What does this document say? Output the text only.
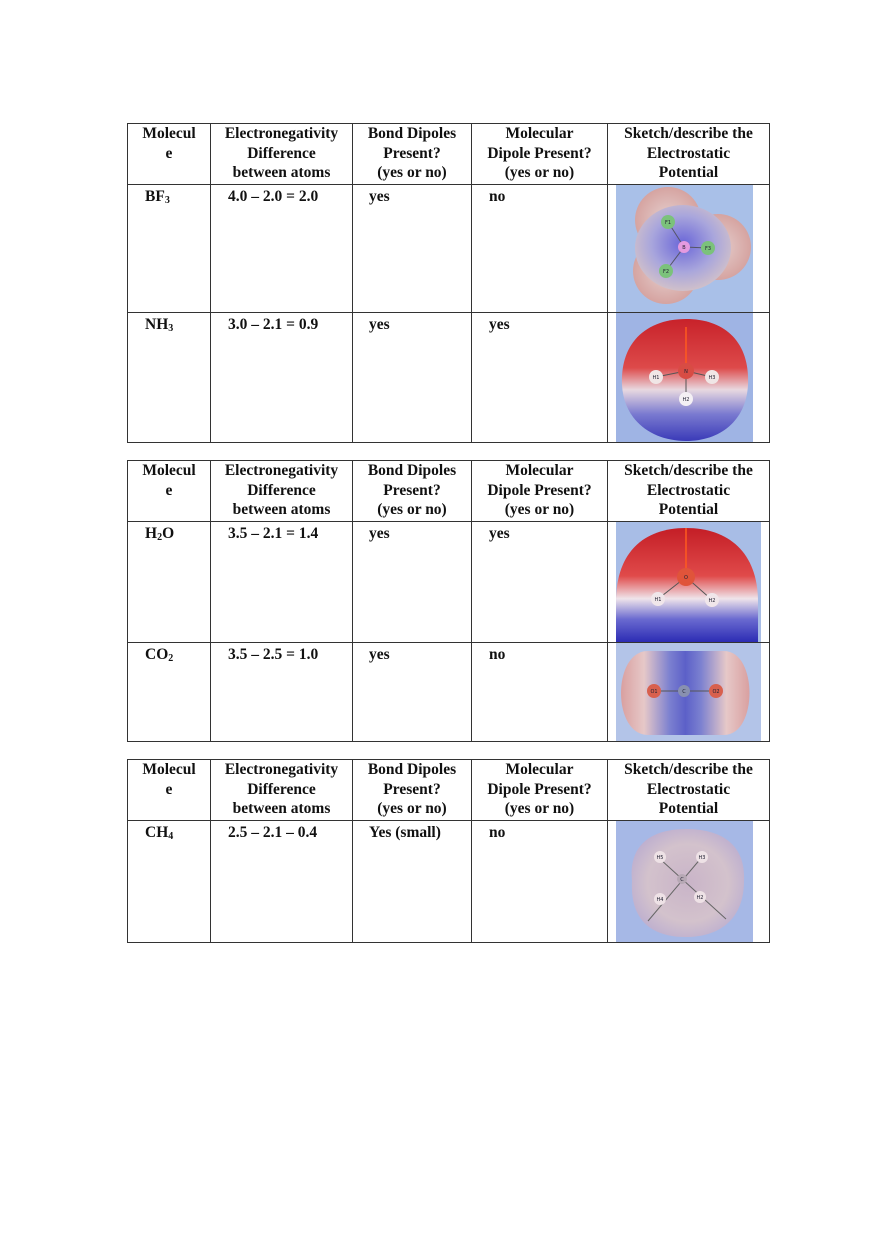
Molecul
e	Electronegativity
Difference
between atoms	Bond Dipoles
Present?
(yes or no)	Molecular
Dipole Present?
(yes or no)	Sketch/describe the
Electrostatic
Potential

$BF_3$	4.0 – 2.0 = 2.0	yes	no	F1
B F3
F2

$NH_3$	3.0 – 2.1 = 0.9	yes	yes	H1
N
H3
H2
Molecul
e	Electronegativity
Difference
between atoms	Bond Dipoles
Present?
(yes or no)	Molecular
Dipole Present?
(yes or no)	Sketch/describe the
Electrostatic
Potential

$H_2O$	3.5 – 2.1 = 1.4	yes	yes	O
H1 H2

$CO_2$	3.5 – 2.5 = 1.0	yes	no	O1 C O2
Molecul
e	Electronegativity
Difference
between atoms	Bond Dipoles
Present?
(yes or no)	Molecular
Dipole Present?
(yes or no)	Sketch/describe the
Electrostatic
Potential

$CH_4$	2.5 – 2.1 – 0.4	Yes (small)	no	H5 H3
C
H4 H2
